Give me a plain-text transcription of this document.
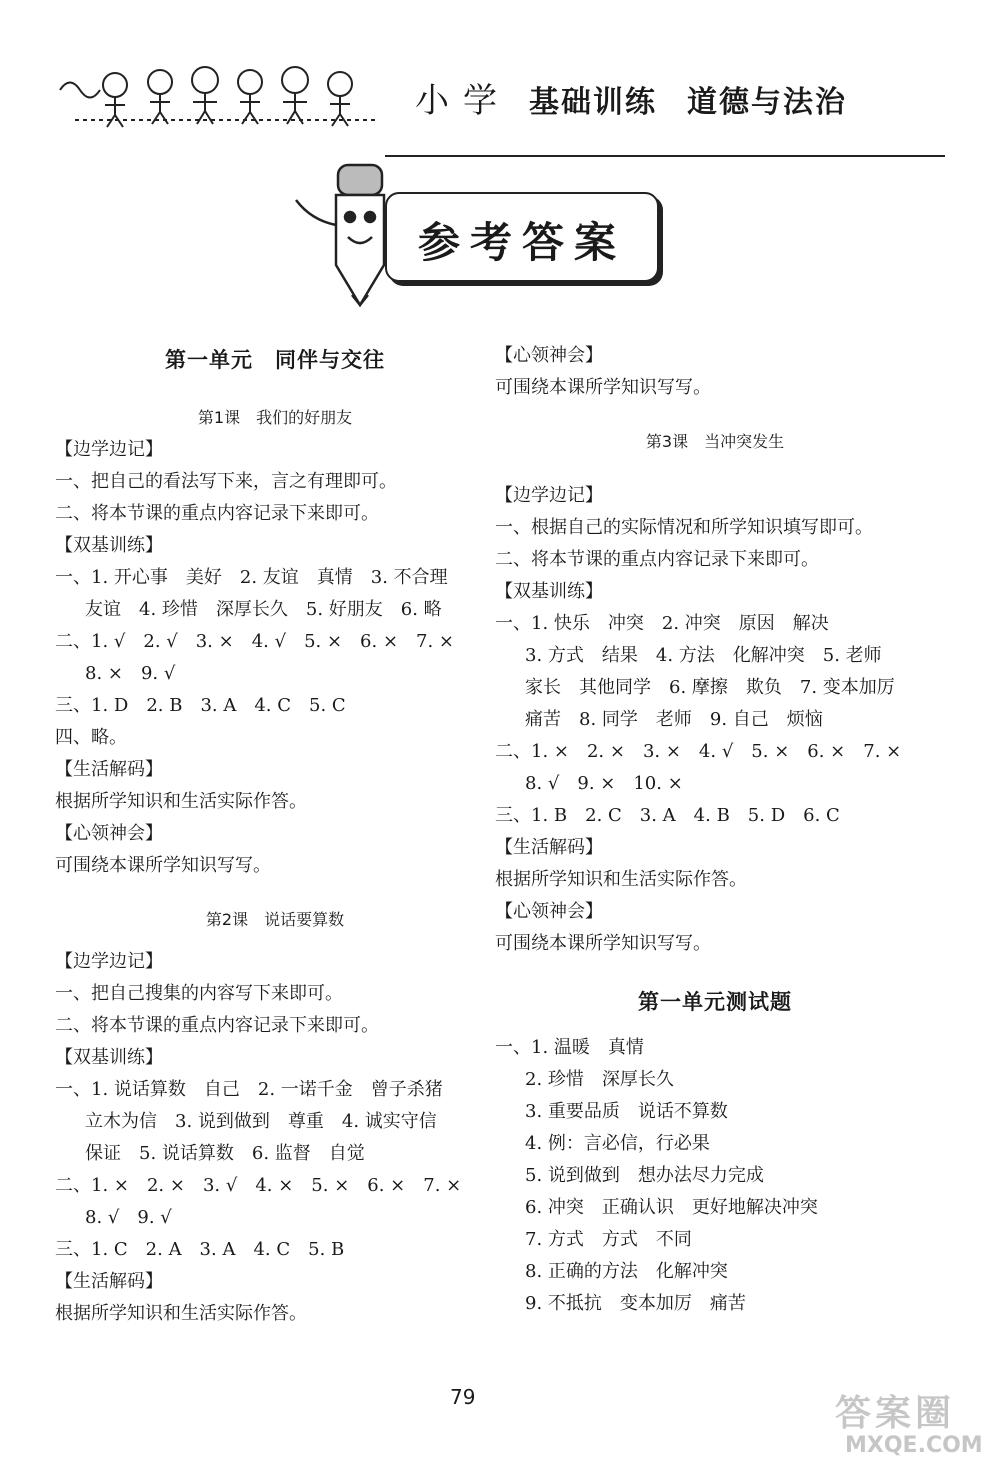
小学 基础训练 道德与法治
参考答案
第一单元　同伴与交往
第1课　我们的好朋友
【边学边记】
一、把自己的看法写下来，言之有理即可。
二、将本节课的重点内容记录下来即可。
【双基训练】
一、1. 开心事　美好　2. 友谊　真情　3. 不合理
友谊　4. 珍惜　深厚长久　5. 好朋友　6. 略
二、1. √　2. √　3. ×　4. √　5. ×　6. ×　7. ×
8. ×　9. √
三、1. D　2. B　3. A　4. C　5. C
四、略。
【生活解码】
根据所学知识和生活实际作答。
【心领神会】
可围绕本课所学知识写写。
第2课　说话要算数
【边学边记】
一、把自己搜集的内容写下来即可。
二、将本节课的重点内容记录下来即可。
【双基训练】
一、1. 说话算数　自己　2. 一诺千金　曾子杀猪
立木为信　3. 说到做到　尊重　4. 诚实守信
保证　5. 说话算数　6. 监督　自觉
二、1. ×　2. ×　3. √　4. ×　5. ×　6. ×　7. ×
8. √　9. √
三、1. C　2. A　3. A　4. C　5. B
【生活解码】
根据所学知识和生活实际作答。
【心领神会】
可围绕本课所学知识写写。
第3课　当冲突发生
【边学边记】
一、根据自己的实际情况和所学知识填写即可。
二、将本节课的重点内容记录下来即可。
【双基训练】
一、1. 快乐　冲突　2. 冲突　原因　解决
3. 方式　结果　4. 方法　化解冲突　5. 老师
家长　其他同学　6. 摩擦　欺负　7. 变本加厉
痛苦　8. 同学　老师　9. 自己　烦恼
二、1. ×　2. ×　3. ×　4. √　5. ×　6. ×　7. ×
8. √　9. ×　10. ×
三、1. B　2. C　3. A　4. B　5. D　6. C
【生活解码】
根据所学知识和生活实际作答。
【心领神会】
可围绕本课所学知识写写。
第一单元测试题
一、1. 温暖　真情
2. 珍惜　深厚长久
3. 重要品质　说话不算数
4. 例：言必信，行必果
5. 说到做到　想办法尽力完成
6. 冲突　正确认识　更好地解决冲突
7. 方式　方式　不同
8. 正确的方法　化解冲突
9. 不抵抗　变本加厉　痛苦
79	答案圈
MXQE.COM
